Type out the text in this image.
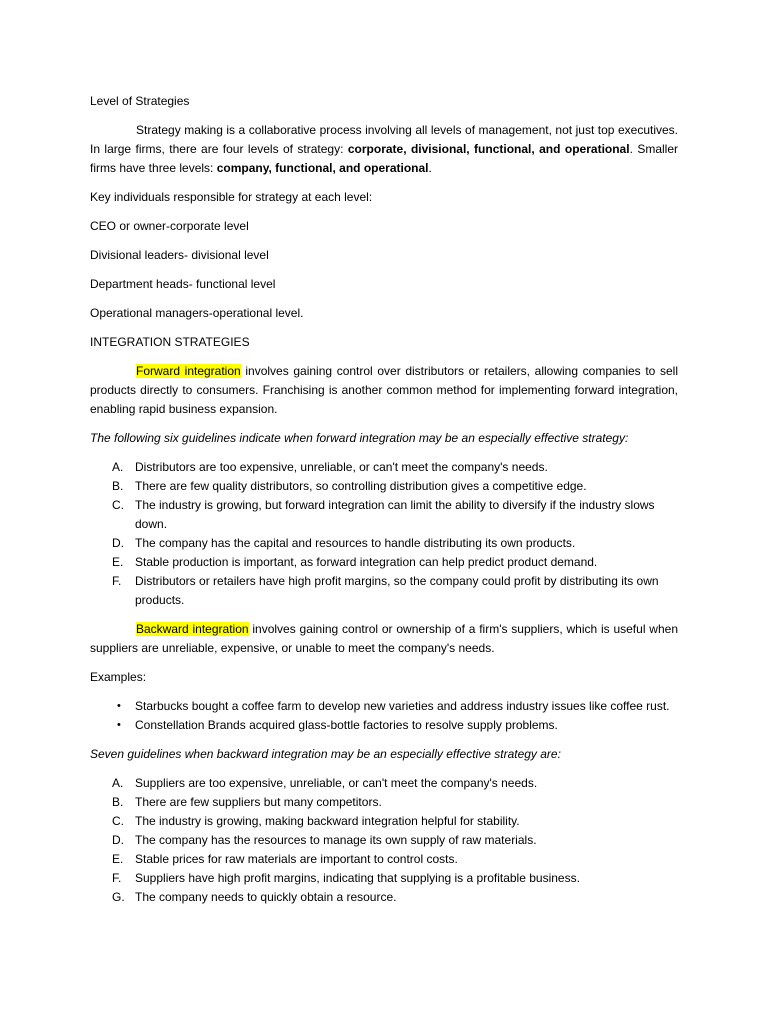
Level of Strategies

Strategy making is a collaborative process involving all levels of management, not just top executives. In large firms, there are four levels of strategy: corporate, divisional, functional, and operational. Smaller firms have three levels: company, functional, and operational.

Key individuals responsible for strategy at each level:

CEO or owner-corporate level

Divisional leaders- divisional level

Department heads- functional level

Operational managers-operational level.

INTEGRATION STRATEGIES

Forward integration involves gaining control over distributors or retailers, allowing companies to sell products directly to consumers. Franchising is another common method for implementing forward integration, enabling rapid business expansion.

The following six guidelines indicate when forward integration may be an especially effective strategy:

A. Distributors are too expensive, unreliable, or can't meet the company's needs.
B. There are few quality distributors, so controlling distribution gives a competitive edge.
C. The industry is growing, but forward integration can limit the ability to diversify if the industry slows down.
D. The company has the capital and resources to handle distributing its own products.
E. Stable production is important, as forward integration can help predict product demand.
F.	Distributors or retailers have high profit margins, so the company could profit by distributing its own products.

Backward integration involves gaining control or ownership of a firm's suppliers, which is useful when suppliers are unreliable, expensive, or unable to meet the company's needs.

Examples:

•	Starbucks bought a coffee farm to develop new varieties and address industry issues like coffee rust.
•	Constellation Brands acquired glass-bottle factories to resolve supply problems.

Seven guidelines when backward integration may be an especially effective strategy are:

A. Suppliers are too expensive, unreliable, or can't meet the company's needs.
B. There are few suppliers but many competitors.
C. The industry is growing, making backward integration helpful for stability.
D. The company has the resources to manage its own supply of raw materials.
E. Stable prices for raw materials are important to control costs.
F.	Suppliers have high profit margins, indicating that supplying is a profitable business.
G. The company needs to quickly obtain a resource.
